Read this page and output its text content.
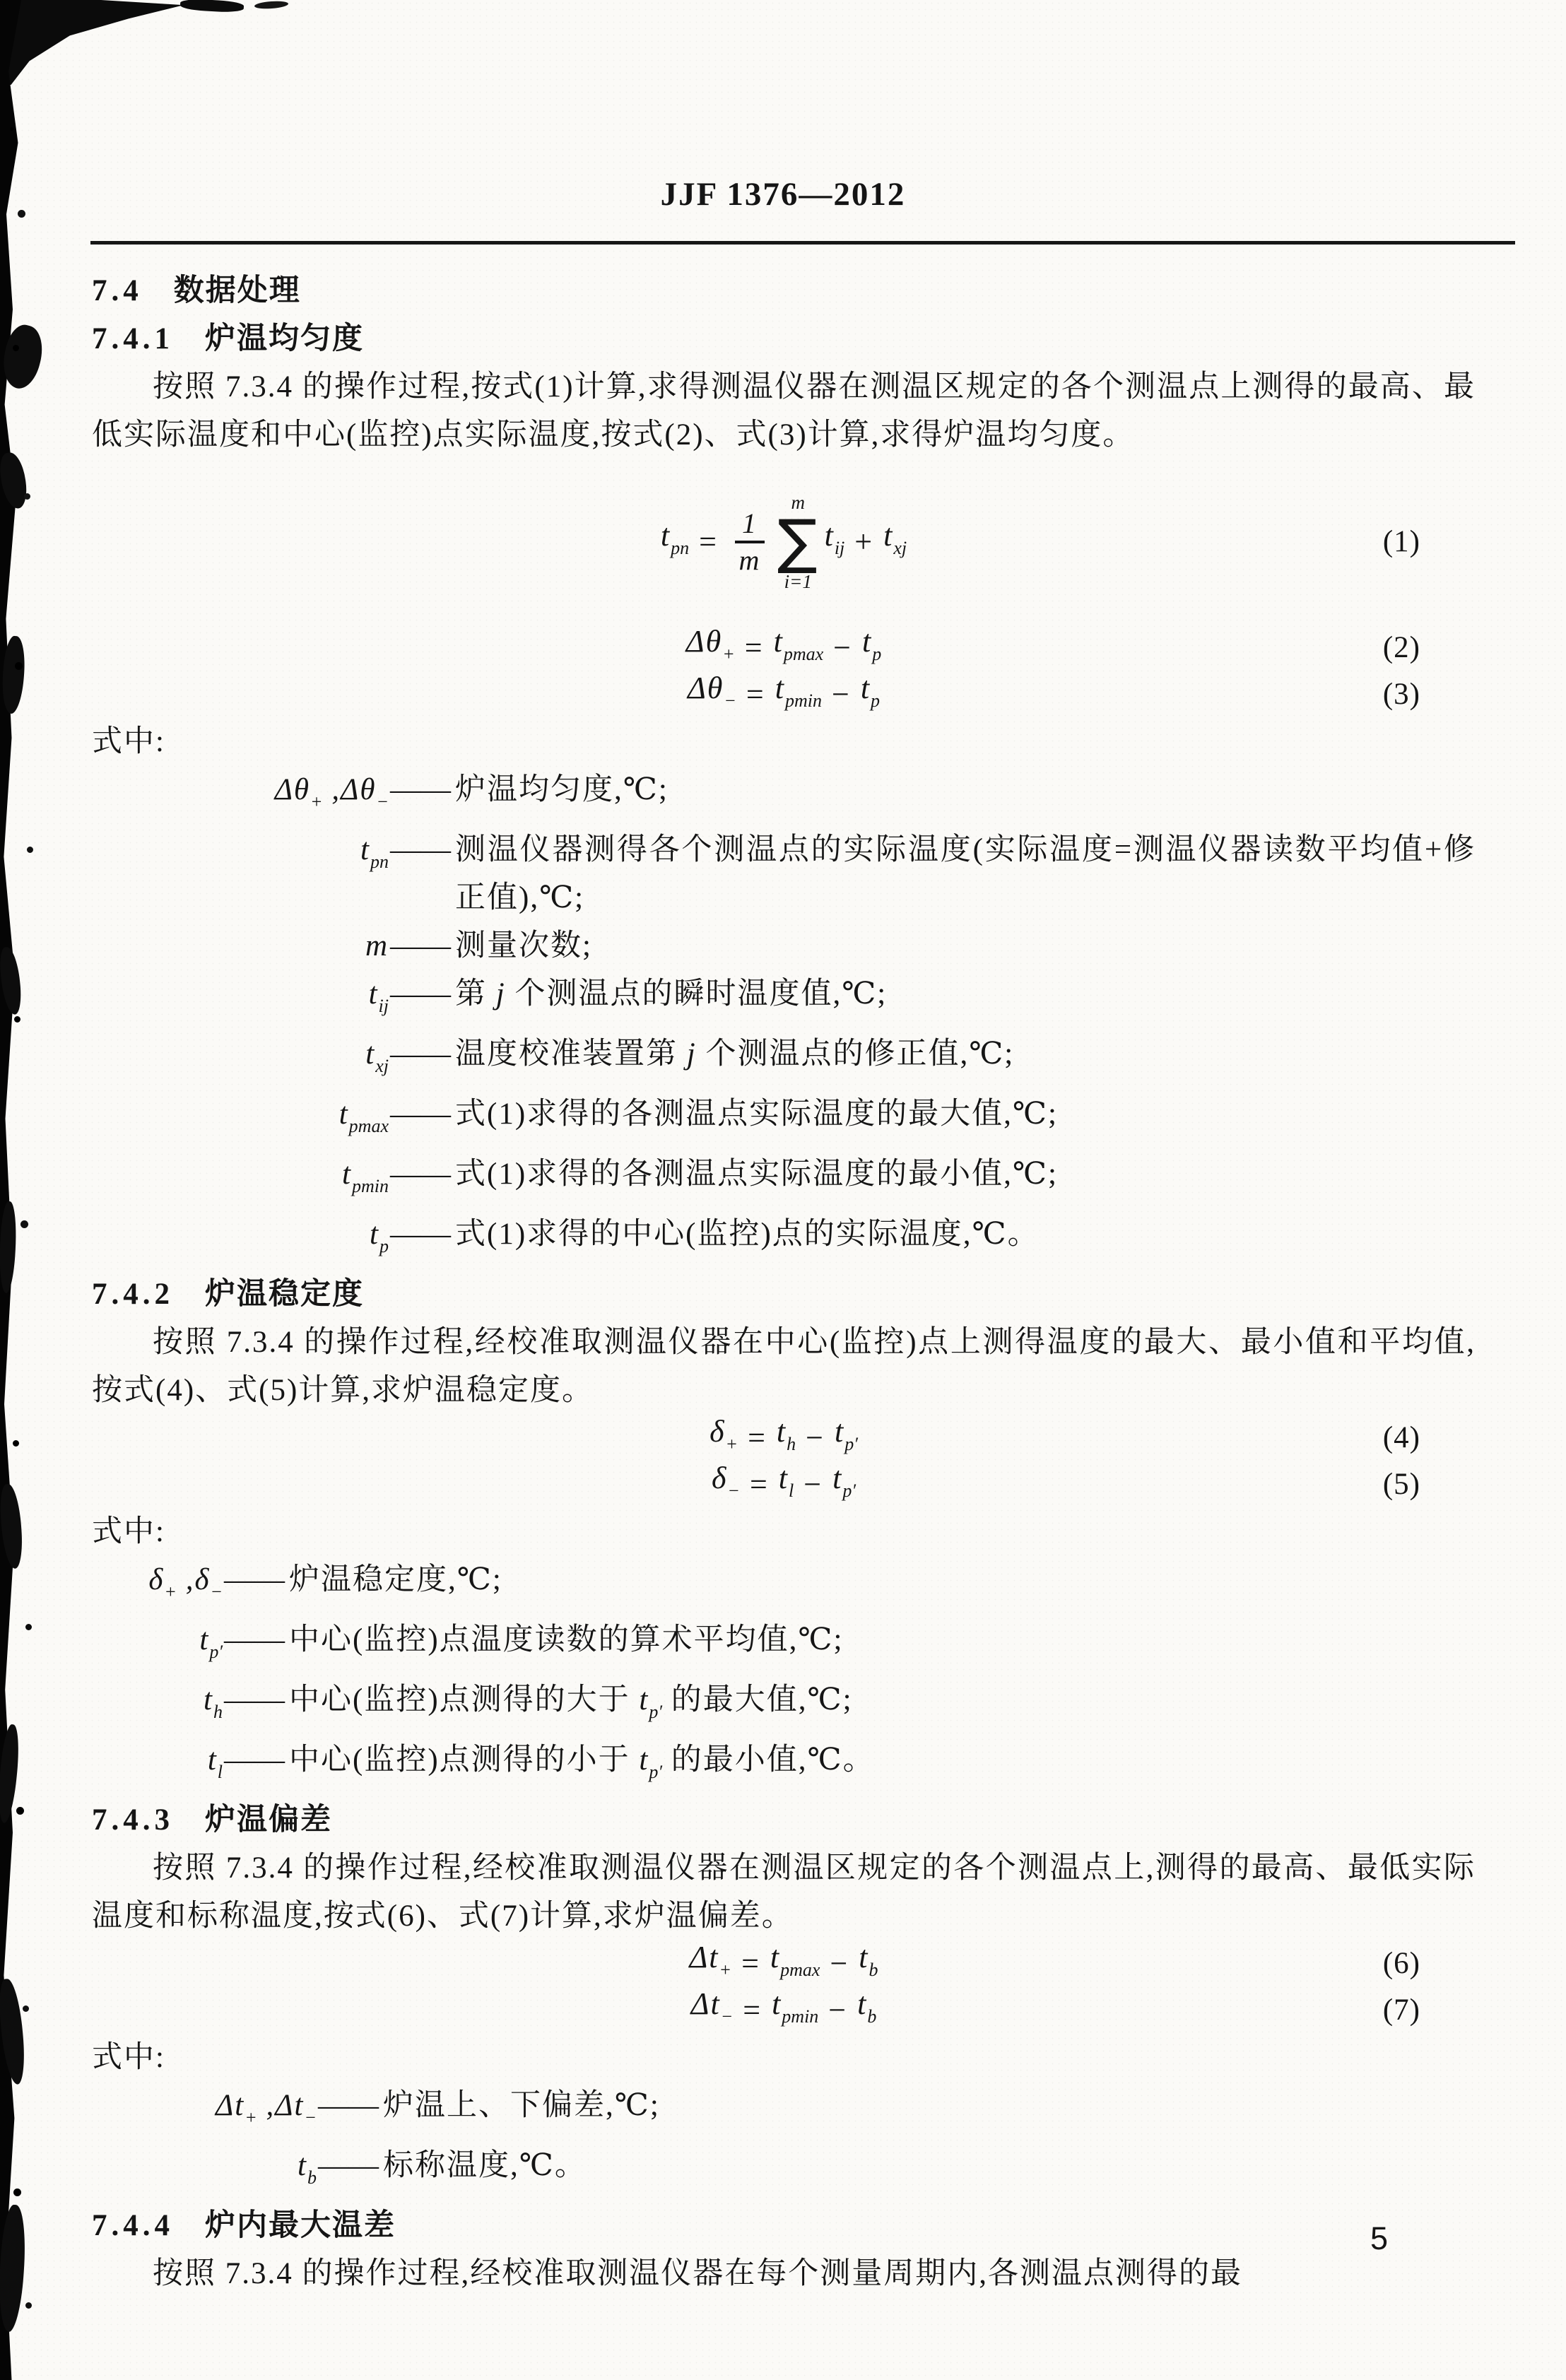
JJF 1376—2012
7.4 数据处理
7.4.1 炉温均匀度

按照 7.3.4 的操作过程,按式(1)计算,求得测温仪器在测温区规定的各个测温点上测得的最高、最低实际温度和中心(监控)点实际温度,按式(2)、式(3)计算,求得炉温均匀度。

$t_{pn} = \frac{1}{m}$
m
∑
i=1
$t_{ij} + t_{xj}$	(1)
$\Delta\theta_+ = t_{pmax} - t_p$	(2)
$\Delta\theta_- = t_{pmin} - t_p$	(3)
式中:
$\Delta\theta_+$ $,\Delta\theta_-$ —— 炉温均匀度,℃;
$t_{pn}$ —— 测温仪器测得各个测温点的实际温度(实际温度=测温仪器读数平均值+修正值),℃;
m —— 测量次数;
$t_{ij}$ —— 第 j 个测温点的瞬时温度值,℃;
$t_{xj}$ —— 温度校准装置第 j 个测温点的修正值,℃;
$t_{pmax}$ —— 式(1)求得的各测温点实际温度的最大值,℃;
$t_{pmin}$ —— 式(1)求得的各测温点实际温度的最小值,℃;
$t_p$ —— 式(1)求得的中心(监控)点的实际温度,℃。
7.4.2 炉温稳定度

按照 7.3.4 的操作过程,经校准取测温仪器在中心(监控)点上测得温度的最大、最小值和平均值,按式(4)、式(5)计算,求炉温稳定度。

$\delta_+ = t_h - t_{p'}$	(4)
$\delta_- = t_l - t_{p'}$	(5)
式中:
$\delta_+$ $,\delta_-$ —— 炉温稳定度,℃;
$t_{p'}$ —— 中心(监控)点温度读数的算术平均值,℃;
$t_h$ —— 中心(监控)点测得的大于 $t_{p'}$ 的最大值,℃;
$t_l$ —— 中心(监控)点测得的小于 $t_{p'}$ 的最小值,℃。
7.4.3 炉温偏差

按照 7.3.4 的操作过程,经校准取测温仪器在测温区规定的各个测温点上,测得的最高、最低实际温度和标称温度,按式(6)、式(7)计算,求炉温偏差。

$\Delta t_+ = t_{pmax} - t_b$	(6)
$\Delta t_- = t_{pmin} - t_b$	(7)
式中:
$\Delta t_+$ $,\Delta t_-$ —— 炉温上、下偏差,℃;
$t_b$ —— 标称温度,℃。
7.4.4 炉内最大温差

按照 7.3.4 的操作过程,经校准取测温仪器在每个测量周期内,各测温点测得的最

5
